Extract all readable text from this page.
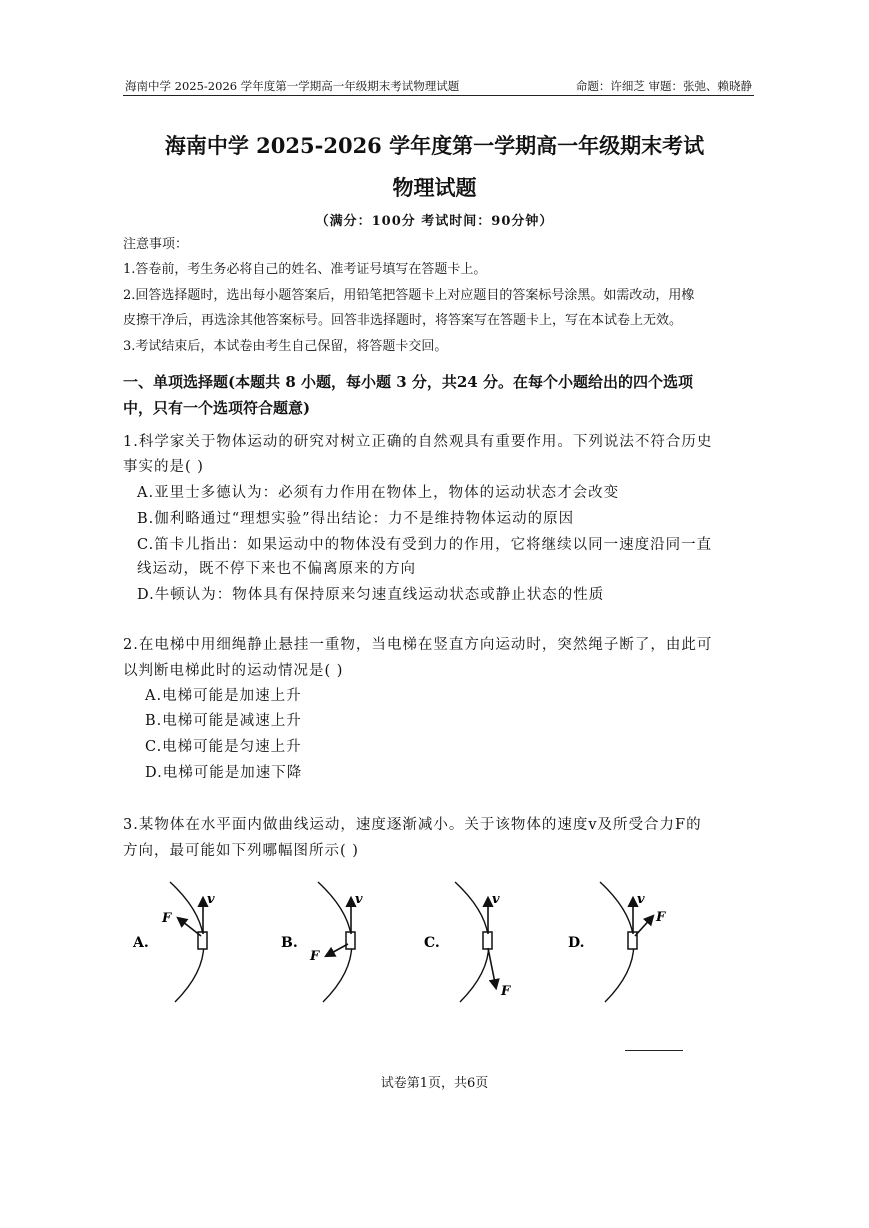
海南中学 2025-2026 学年度第一学期高一年级期末考试物理试题	命题：许细芝 审题：张弛、赖晓静
海南中学 2025-2026 学年度第一学期高一年级期末考试
物理试题
（满分：100分 考试时间：90分钟）
注意事项：
1.答卷前，考生务必将自己的姓名、准考证号填写在答题卡上。
2.回答选择题时，选出每小题答案后，用铅笔把答题卡上对应题目的答案标号涂黑。如需改动，用橡
皮擦干净后，再选涂其他答案标号。回答非选择题时，将答案写在答题卡上，写在本试卷上无效。
3.考试结束后，本试卷由考生自己保留，将答题卡交回。
一、单项选择题(本题共 8 小题，每小题 3 分，共24 分。在每个小题给出的四个选项
中，只有一个选项符合题意)
1.科学家关于物体运动的研究对树立正确的自然观具有重要作用。下列说法不符合历史
事实的是( )
A.亚里士多德认为：必须有力作用在物体上，物体的运动状态才会改变
B.伽利略通过“理想实验”得出结论：力不是维持物体运动的原因
C.笛卡儿指出：如果运动中的物体没有受到力的作用，它将继续以同一速度沿同一直
线运动，既不停下来也不偏离原来的方向
D.牛顿认为：物体具有保持原来匀速直线运动状态或静止状态的性质
2.在电梯中用细绳静止悬挂一重物，当电梯在竖直方向运动时，突然绳子断了，由此可
以判断电梯此时的运动情况是( )
A.电梯可能是加速上升
B.电梯可能是减速上升
C.电梯可能是匀速上升
D.电梯可能是加速下降
3.某物体在水平面内做曲线运动，速度逐渐减小。关于该物体的速度v及所受合力F的
方向，最可能如下列哪幅图所示( )
A.
v
F
B.
v
F
C.
v
F
D.
v
F
试卷第1页，共6页
